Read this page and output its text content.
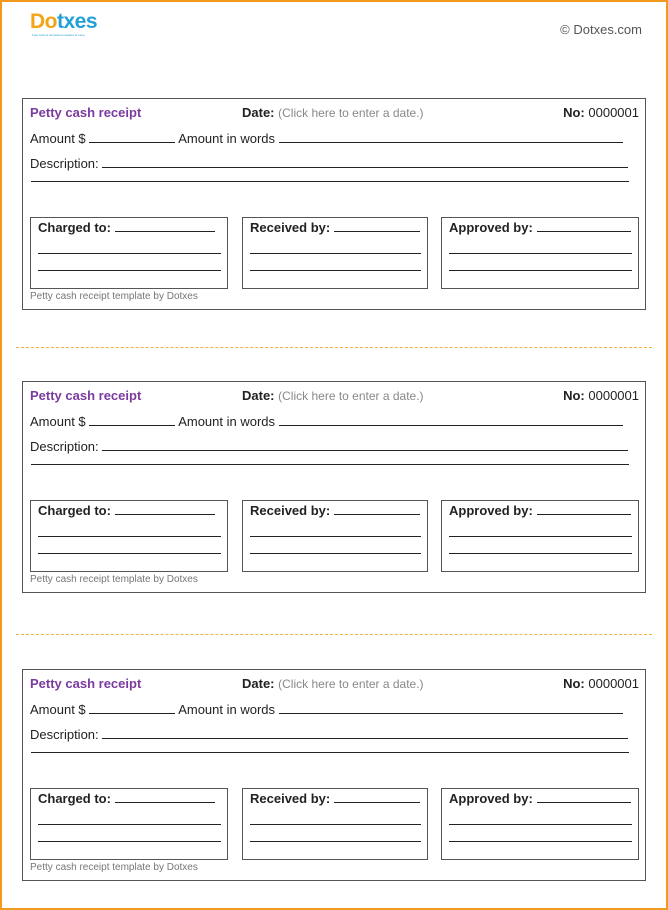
Dotxes
Free tools & template templates & more	© Dotxes.com
Petty cash receipt	Date: (Click here to enter a date.)	No: 0000001
Amount $	Amount in words
Description:
Charged to:	Received by:	Approved by:
Petty cash receipt template by Dotxes
Petty cash receipt	Date: (Click here to enter a date.)	No: 0000001
Amount $	Amount in words
Description:
Charged to:	Received by:	Approved by:
Petty cash receipt template by Dotxes
Petty cash receipt	Date: (Click here to enter a date.)	No: 0000001
Amount $	Amount in words
Description:
Charged to:	Received by:	Approved by:
Petty cash receipt template by Dotxes
